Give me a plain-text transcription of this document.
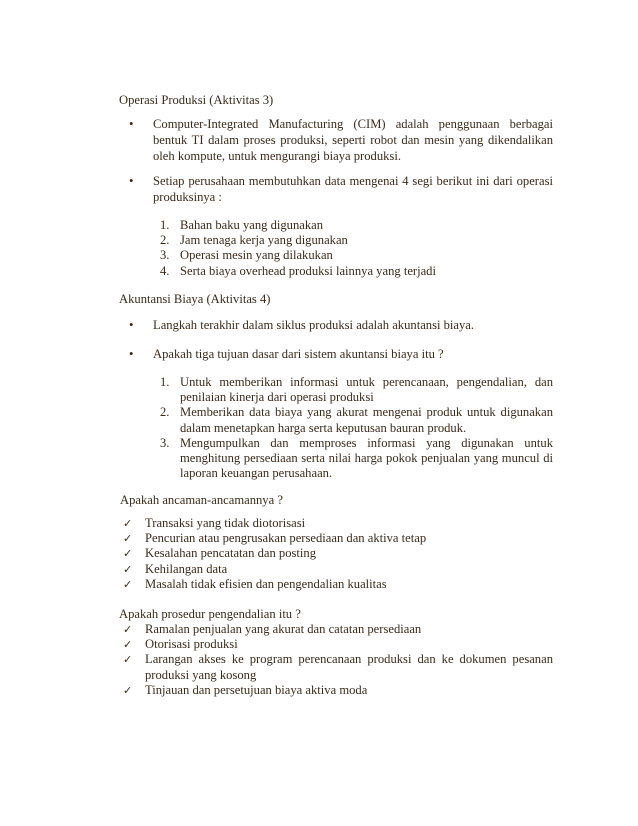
Operasi Produksi (Aktivitas 3)
• Computer-Integrated Manufacturing (CIM) adalah penggunaan berbagai bentuk TI dalam proses produksi, seperti robot dan mesin yang dikendalikan oleh kompute, untuk mengurangi biaya produksi.
• Setiap perusahaan membutuhkan data mengenai 4 segi berikut ini dari operasi produksinya :
1. Bahan baku yang digunakan
2. Jam tenaga kerja yang digunakan
3. Operasi mesin yang dilakukan
4. Serta biaya overhead produksi lainnya yang terjadi
Akuntansi Biaya (Aktivitas 4)
• Langkah terakhir dalam siklus produksi adalah akuntansi biaya.
• Apakah tiga tujuan dasar dari sistem akuntansi biaya itu ?
1. Untuk memberikan informasi untuk perencanaan, pengendalian, dan penilaian kinerja dari operasi produksi
2. Memberikan data biaya yang akurat mengenai produk untuk digunakan dalam menetapkan harga serta keputusan bauran produk.
3. Mengumpulkan dan memproses informasi yang digunakan untuk menghitung persediaan serta nilai harga pokok penjualan yang muncul di laporan keuangan perusahaan.
Apakah ancaman-ancamannya ?
✓ Transaksi yang tidak diotorisasi
✓ Pencurian atau pengrusakan persediaan dan aktiva tetap
✓ Kesalahan pencatatan dan posting
✓ Kehilangan data
✓ Masalah tidak efisien dan pengendalian kualitas
Apakah prosedur pengendalian itu ?
✓ Ramalan penjualan yang akurat dan catatan persediaan
✓ Otorisasi produksi
✓ Larangan akses ke program perencanaan produksi dan ke dokumen pesanan produksi yang kosong
✓ Tinjauan dan persetujuan biaya aktiva moda
